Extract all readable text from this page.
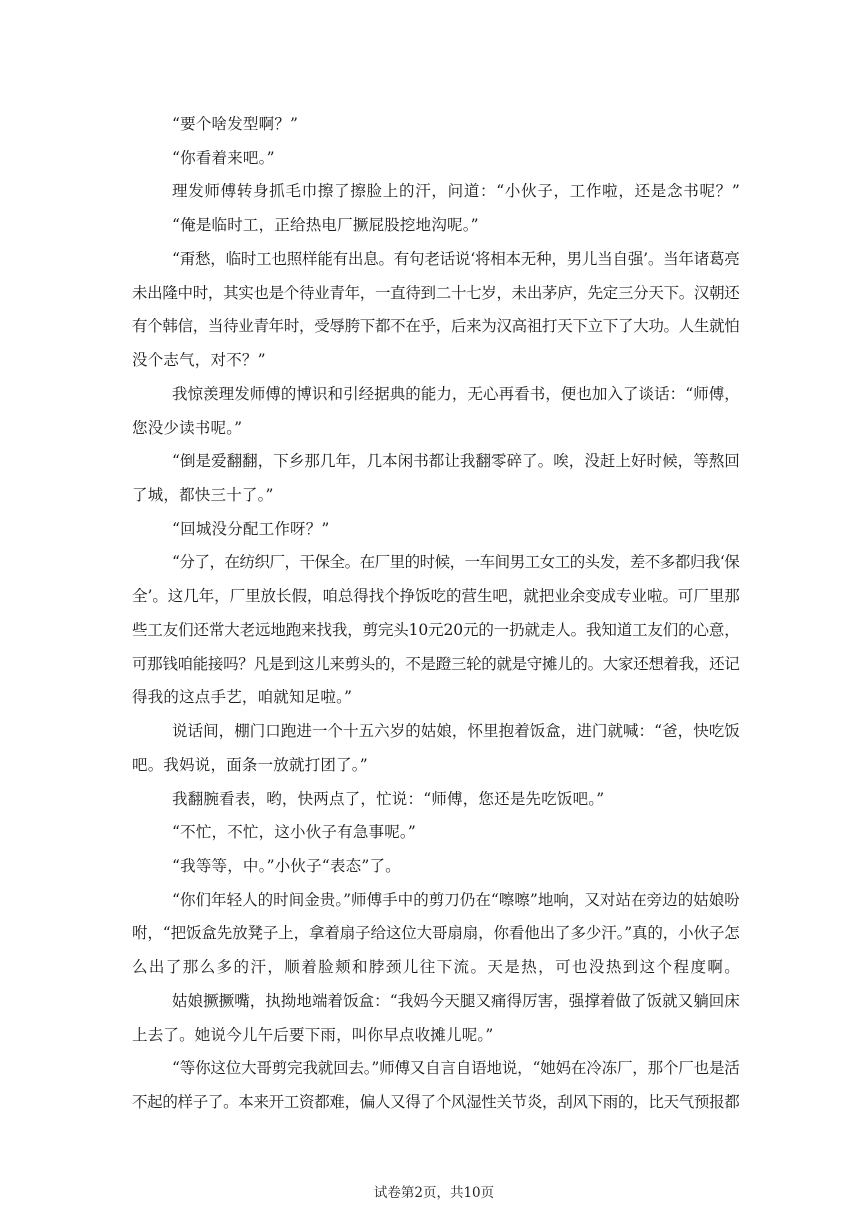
“要个啥发型啊？”
“你看着来吧。”
理发师傅转身抓毛巾擦了擦脸上的汗，问道：“小伙子，工作啦，还是念书呢？”
“俺是临时工，正给热电厂撅屁股挖地沟呢。”
“甭愁，临时工也照样能有出息。有句老话说‘将相本无种，男儿当自强’。当年诸葛亮
未出隆中时，其实也是个待业青年，一直待到二十七岁，未出茅庐，先定三分天下。汉朝还
有个韩信，当待业青年时，受辱胯下都不在乎，后来为汉高祖打天下立下了大功。人生就怕
没个志气，对不？”
我惊羡理发师傅的博识和引经据典的能力，无心再看书，便也加入了谈话：“师傅，
您没少读书呢。”
“倒是爱翻翻，下乡那几年，几本闲书都让我翻零碎了。唉，没赶上好时候，等熬回
了城，都快三十了。”
“回城没分配工作呀？”
“分了，在纺织厂，干保全。在厂里的时候，一车间男工女工的头发，差不多都归我‘保
全’。这几年，厂里放长假，咱总得找个挣饭吃的营生吧，就把业余变成专业啦。可厂里那
些工友们还常大老远地跑来找我，剪完头10元20元的一扔就走人。我知道工友们的心意，
可那钱咱能接吗？凡是到这儿来剪头的，不是蹬三轮的就是守摊儿的。大家还想着我，还记
得我的这点手艺，咱就知足啦。”
说话间，棚门口跑进一个十五六岁的姑娘，怀里抱着饭盒，进门就喊：“爸，快吃饭
吧。我妈说，面条一放就打团了。”
我翻腕看表，哟，快两点了，忙说：“师傅，您还是先吃饭吧。”
“不忙，不忙，这小伙子有急事呢。”
“我等等，中。”小伙子“表态”了。
“你们年轻人的时间金贵。”师傅手中的剪刀仍在“嚓嚓”地响，又对站在旁边的姑娘吩
咐，“把饭盒先放凳子上，拿着扇子给这位大哥扇扇，你看他出了多少汗。”真的，小伙子怎
么出了那么多的汗，顺着脸颊和脖颈儿往下流。天是热，可也没热到这个程度啊。
姑娘撅撅嘴，执拗地端着饭盒：“我妈今天腿又痛得厉害，强撑着做了饭就又躺回床
上去了。她说今儿午后要下雨，叫你早点收摊儿呢。”
“等你这位大哥剪完我就回去。”师傅又自言自语地说，“她妈在冷冻厂，那个厂也是活
不起的样子了。本来开工资都难，偏人又得了个风湿性关节炎，刮风下雨的，比天气预报都
试卷第2页，共10页
